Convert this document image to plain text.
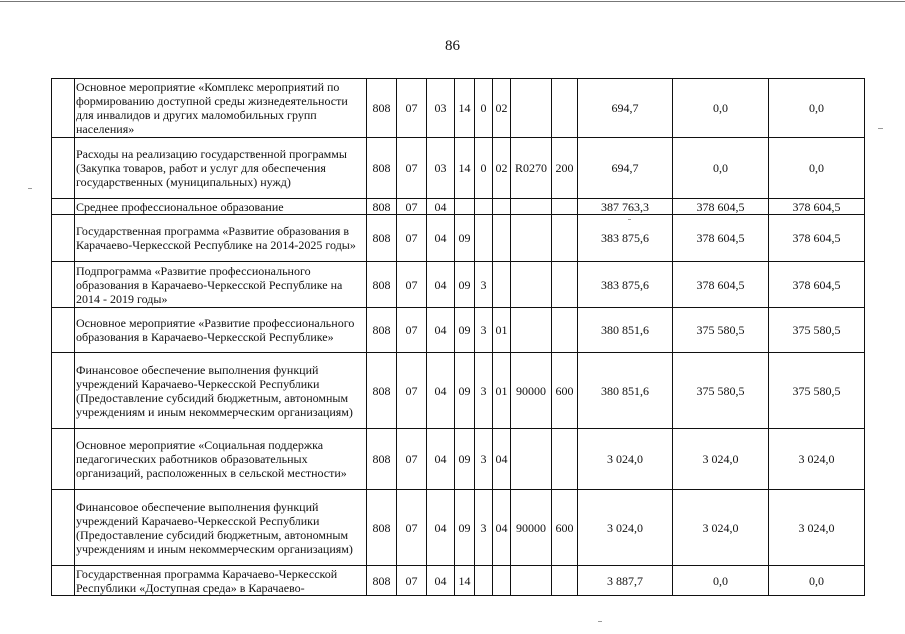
86
	Основное мероприятие «Комплекс мероприятий по формированию доступной среды жизнедеятельности для инвалидов и других маломобильных групп населения»	808	07	03	14	0	02			694,7	0,0	0,0
	Расходы на реализацию государственной программы (Закупка товаров, работ и услуг для обеспечения государственных (муниципальных) нужд)	808	07	03	14	0	02	R0270	200	694,7	0,0	0,0
	Среднее профессиональное образование	808	07	04						387 763,3	378 604,5	378 604,5
	Государственная программа «Развитие образования в Карачаево-Черкесской Республике на 2014-2025 годы»	808	07	04	09					383 875,6	378 604,5	378 604,5
	Подпрограмма «Развитие профессионального образования в Карачаево-Черкесской Республике на 2014 - 2019 годы»	808	07	04	09	3				383 875,6	378 604,5	378 604,5
	Основное мероприятие «Развитие профессионального образования в Карачаево-Черкесской Республике»	808	07	04	09	3	01			380 851,6	375 580,5	375 580,5
	Финансовое обеспечение выполнения функций учреждений Карачаево-Черкесской Республики (Предоставление субсидий бюджетным, автономным учреждениям и иным некоммерческим организациям)	808	07	04	09	3	01	90000	600	380 851,6	375 580,5	375 580,5
	Основное мероприятие «Социальная поддержка педагогических работников образовательных организаций, расположенных в сельской местности»	808	07	04	09	3	04			3 024,0	3 024,0	3 024,0
	Финансовое обеспечение выполнения функций учреждений Карачаево-Черкесской Республики (Предоставление субсидий бюджетным, автономным учреждениям и иным некоммерческим организациям)	808	07	04	09	3	04	90000	600	3 024,0	3 024,0	3 024,0
	Государственная программа Карачаево-Черкесской Республики «Доступная среда» в Карачаево-	808	07	04	14					3 887,7	0,0	0,0
